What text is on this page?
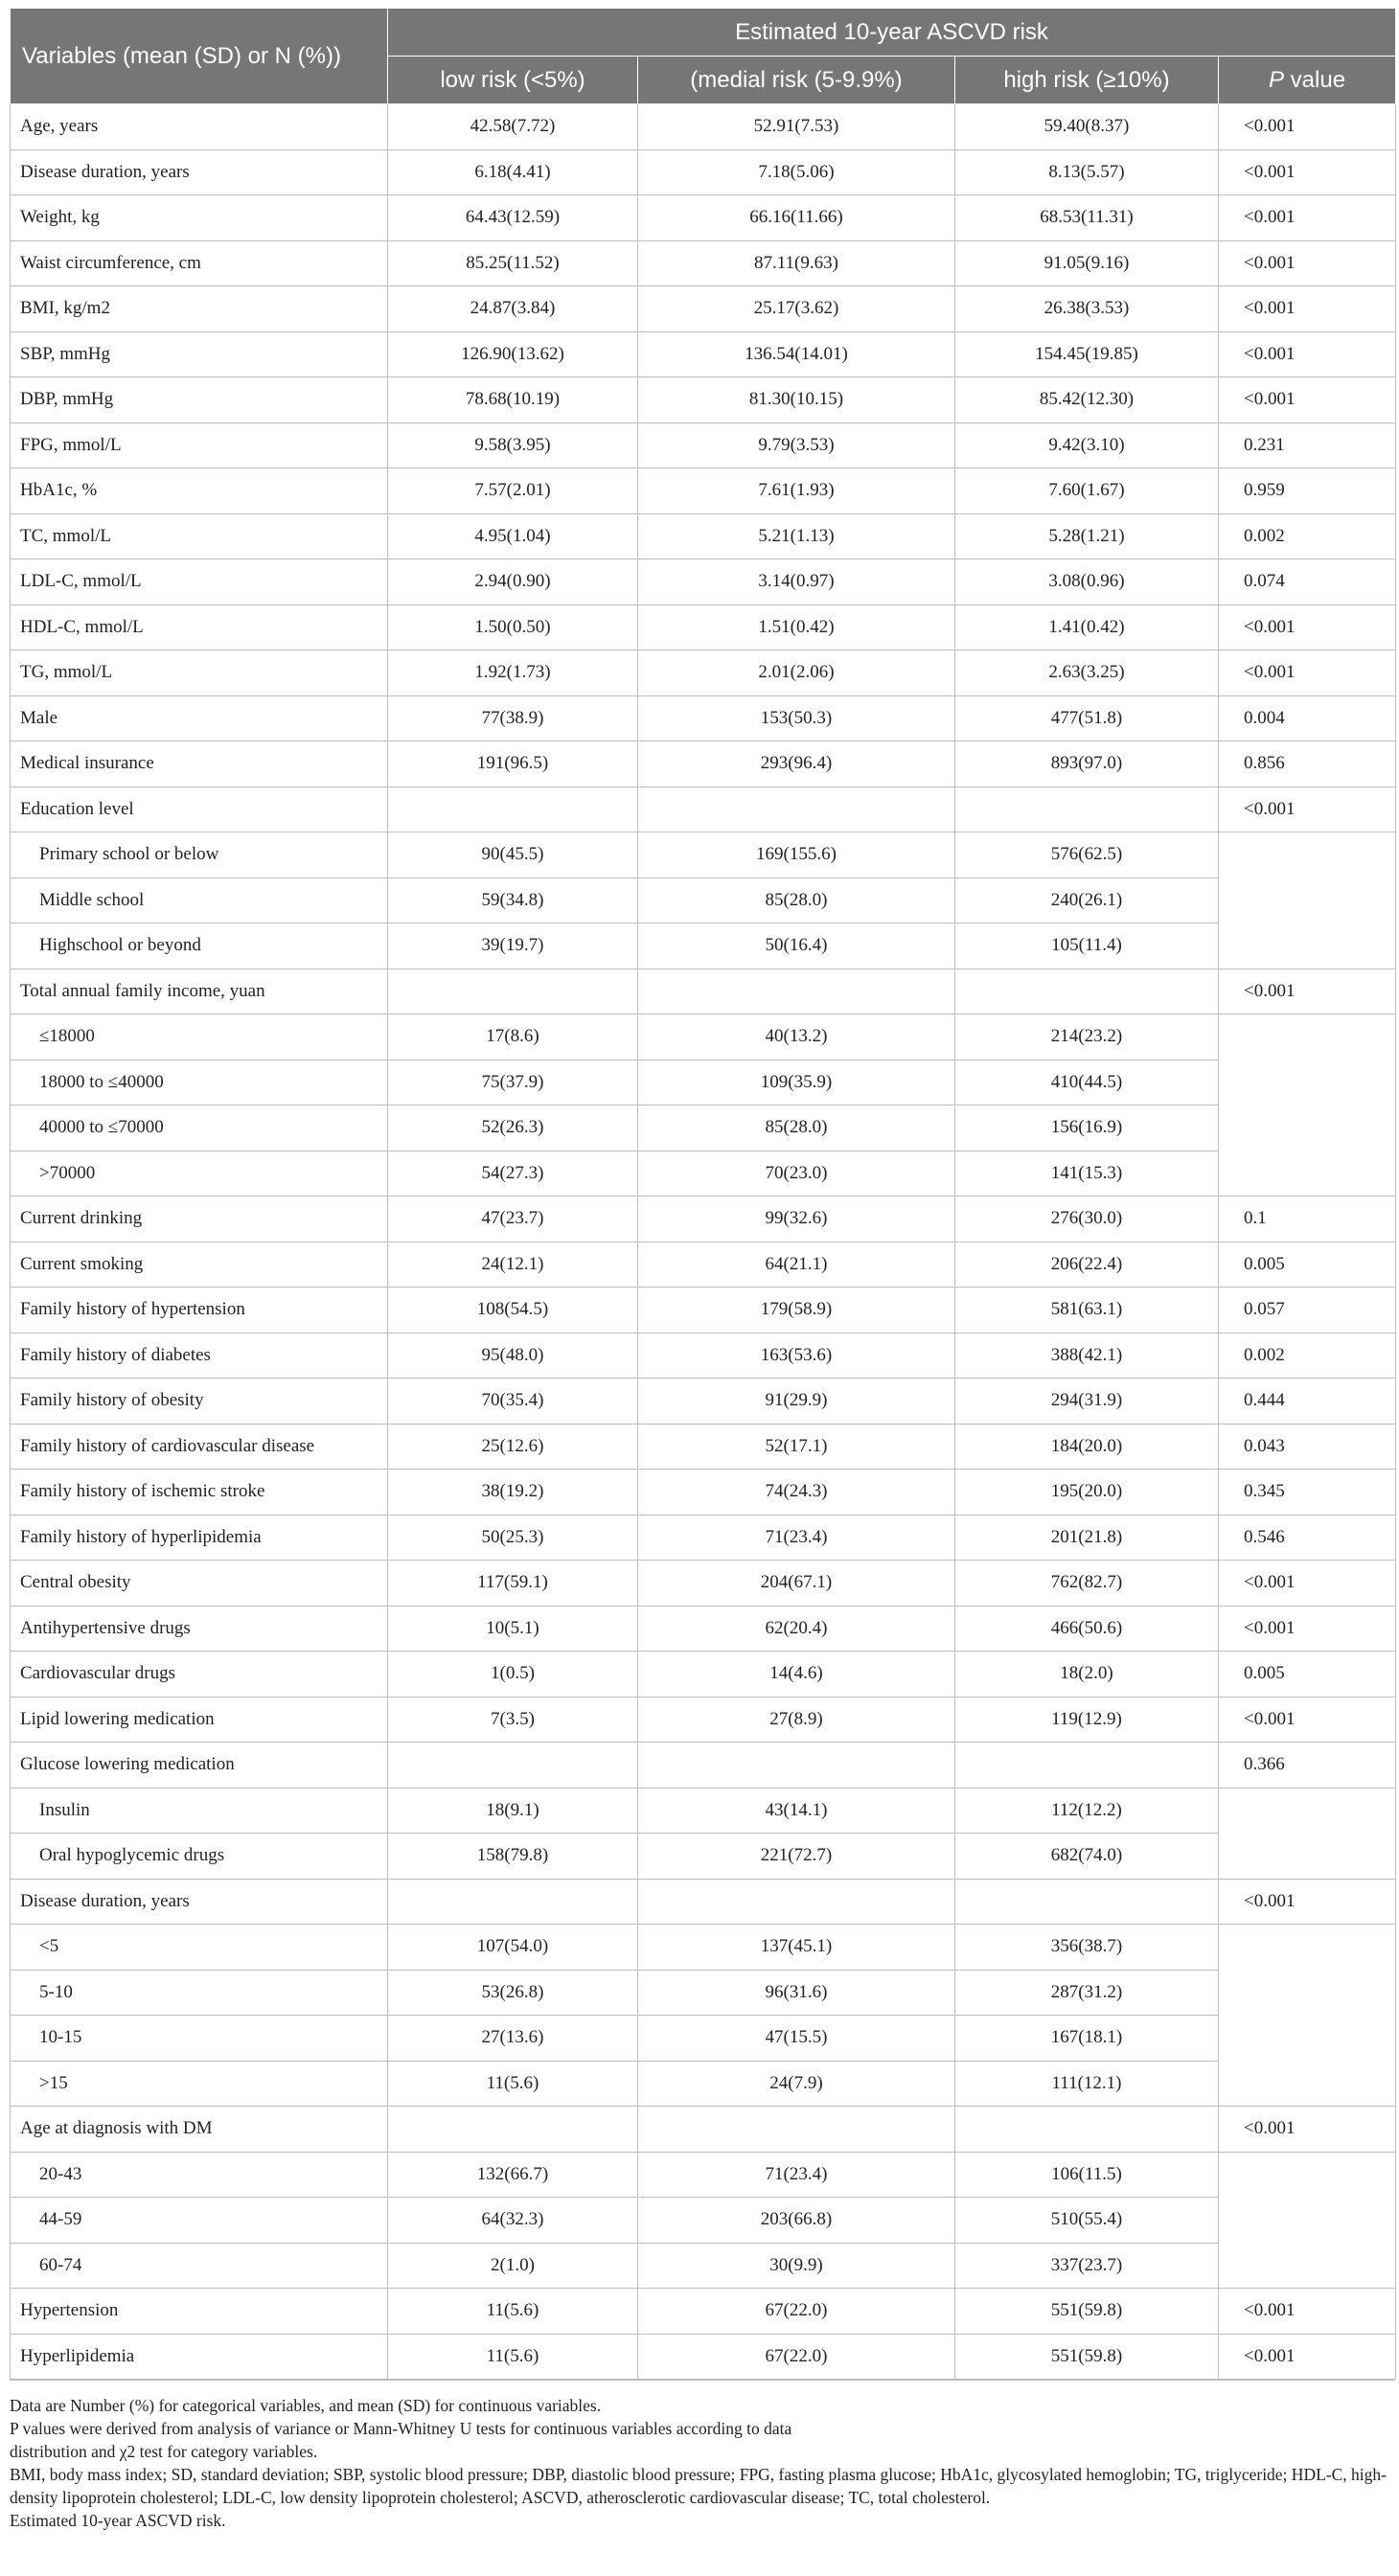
Variables (mean (SD) or N (%))	Estimated 10-year ASCVD risk			
	low risk (<5%)	(medial risk (5-9.9%)	high risk (≥10%)	P value
Age, years	42.58(7.72)	52.91(7.53)	59.40(8.37)	<0.001
Disease duration, years	6.18(4.41)	7.18(5.06)	8.13(5.57)	<0.001
Weight, kg	64.43(12.59)	66.16(11.66)	68.53(11.31)	<0.001
Waist circumference, cm	85.25(11.52)	87.11(9.63)	91.05(9.16)	<0.001
BMI, kg/m2	24.87(3.84)	25.17(3.62)	26.38(3.53)	<0.001
SBP, mmHg	126.90(13.62)	136.54(14.01)	154.45(19.85)	<0.001
DBP, mmHg	78.68(10.19)	81.30(10.15)	85.42(12.30)	<0.001
FPG, mmol/L	9.58(3.95)	9.79(3.53)	9.42(3.10)	0.231
HbA1c, %	7.57(2.01)	7.61(1.93)	7.60(1.67)	0.959
TC, mmol/L	4.95(1.04)	5.21(1.13)	5.28(1.21)	0.002
LDL-C, mmol/L	2.94(0.90)	3.14(0.97)	3.08(0.96)	0.074
HDL-C, mmol/L	1.50(0.50)	1.51(0.42)	1.41(0.42)	<0.001
TG, mmol/L	1.92(1.73)	2.01(2.06)	2.63(3.25)	<0.001
Male	77(38.9)	153(50.3)	477(51.8)	0.004
Medical insurance	191(96.5)	293(96.4)	893(97.0)	0.856
Education level				<0.001
Primary school or below	90(45.5)	169(155.6)	576(62.5)	
Middle school	59(34.8)	85(28.0)	240(26.1)	
Highschool or beyond	39(19.7)	50(16.4)	105(11.4)	
Total annual family income, yuan				<0.001
≤18000	17(8.6)	40(13.2)	214(23.2)	
18000 to ≤40000	75(37.9)	109(35.9)	410(44.5)	
40000 to ≤70000	52(26.3)	85(28.0)	156(16.9)	
>70000	54(27.3)	70(23.0)	141(15.3)	
Current drinking	47(23.7)	99(32.6)	276(30.0)	0.1
Current smoking	24(12.1)	64(21.1)	206(22.4)	0.005
Family history of hypertension	108(54.5)	179(58.9)	581(63.1)	0.057
Family history of diabetes	95(48.0)	163(53.6)	388(42.1)	0.002
Family history of obesity	70(35.4)	91(29.9)	294(31.9)	0.444
Family history of cardiovascular disease	25(12.6)	52(17.1)	184(20.0)	0.043
Family history of ischemic stroke	38(19.2)	74(24.3)	195(20.0)	0.345
Family history of hyperlipidemia	50(25.3)	71(23.4)	201(21.8)	0.546
Central obesity	117(59.1)	204(67.1)	762(82.7)	<0.001
Antihypertensive drugs	10(5.1)	62(20.4)	466(50.6)	<0.001
Cardiovascular drugs	1(0.5)	14(4.6)	18(2.0)	0.005
Lipid lowering medication	7(3.5)	27(8.9)	119(12.9)	<0.001
Glucose lowering medication				0.366
Insulin	18(9.1)	43(14.1)	112(12.2)	
Oral hypoglycemic drugs	158(79.8)	221(72.7)	682(74.0)	
Disease duration, years				<0.001
<5	107(54.0)	137(45.1)	356(38.7)	
5-10	53(26.8)	96(31.6)	287(31.2)	
10-15	27(13.6)	47(15.5)	167(18.1)	
>15	11(5.6)	24(7.9)	111(12.1)	
Age at diagnosis with DM				<0.001
20-43	132(66.7)	71(23.4)	106(11.5)	
44-59	64(32.3)	203(66.8)	510(55.4)	
60-74	2(1.0)	30(9.9)	337(23.7)	
Hypertension	11(5.6)	67(22.0)	551(59.8)	<0.001
Hyperlipidemia	11(5.6)	67(22.0)	551(59.8)	<0.001

Data are Number (%) for categorical variables, and mean (SD) for continuous variables.

P values were derived from analysis of variance or Mann-Whitney U tests for continuous variables according to data

distribution and χ2 test for category variables.

BMI, body mass index; SD, standard deviation; SBP, systolic blood pressure; DBP, diastolic blood pressure; FPG, fasting plasma glucose; HbA1c, glycosylated hemoglobin; TG, triglyceride; HDL-C, high-density lipoprotein cholesterol; LDL-C, low density lipoprotein cholesterol; ASCVD, atherosclerotic cardiovascular disease; TC, total cholesterol.

Estimated 10-year ASCVD risk.
